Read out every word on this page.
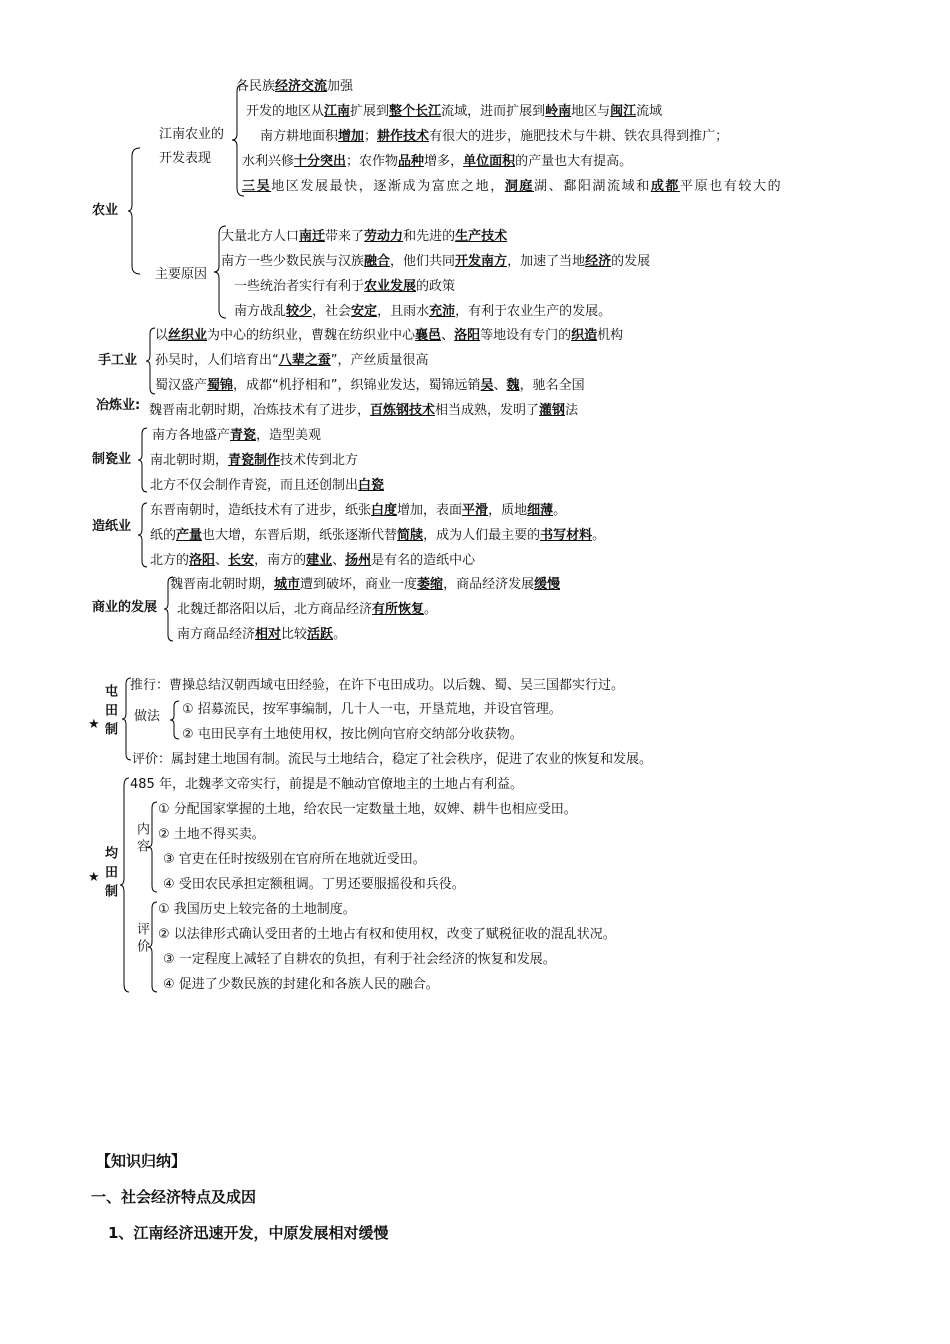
农业
江南农业的
开发表现
各民族经济交流加强
开发的地区从江南扩展到整个长江流域，进而扩展到岭南地区与闽江流域
南方耕地面积增加；耕作技术有很大的进步，施肥技术与牛耕、铁农具得到推广；
水利兴修十分突出；农作物品种增多，单位面积的产量也大有提高。
三吴地区发展最快，逐渐成为富庶之地，洞庭湖、鄱阳湖流域和成都平原也有较大的
主要原因
大量北方人口南迁带来了劳动力和先进的生产技术
南方一些少数民族与汉族融合，他们共同开发南方，加速了当地经济的发展
一些统治者实行有利于农业发展的政策
南方战乱较少，社会安定，且雨水充沛，有利于农业生产的发展。
手工业
以丝织业为中心的纺织业，曹魏在纺织业中心襄邑、洛阳等地设有专门的织造机构
孙吴时，人们培育出“八辈之蚕”，产丝质量很高
蜀汉盛产蜀锦，成都“机抒相和”，织锦业发达，蜀锦远销吴、魏，驰名全国
冶炼业: 魏晋南北朝时期，冶炼技术有了进步，百炼钢技术相当成熟，发明了灌钢法
制瓷业
南方各地盛产青瓷，造型美观
南北朝时期，青瓷制作技术传到北方
北方不仅会制作青瓷，而且还创制出白瓷
造纸业
东晋南朝时，造纸技术有了进步，纸张白度增加，表面平滑，质地细薄。
纸的产量也大增，东晋后期，纸张逐渐代替简牍，成为人们最主要的书写材料。
北方的洛阳、长安，南方的建业、扬州是有名的造纸中心
商业的发展
魏晋南北朝时期，城市遭到破坏，商业一度萎缩，商品经济发展缓慢
北魏迁都洛阳以后，北方商品经济有所恢复。
南方商品经济相对比较活跃。
屯田制
★
推行：曹操总结汉朝西域屯田经验，在许下屯田成功。以后魏、蜀、吴三国都实行过。
做法 ① 招募流民，按军事编制，几十人一屯，开垦荒地，并设官管理。
② 屯田民享有土地使用权，按比例向官府交纳部分收获物。
评价：属封建土地国有制。流民与土地结合，稳定了社会秩序，促进了农业的恢复和发展。
均田制
★
485 年，北魏孝文帝实行，前提是不触动官僚地主的土地占有利益。
内容
① 分配国家掌握的土地，给农民一定数量土地，奴婢、耕牛也相应受田。
② 土地不得买卖。
③ 官吏在任时按级别在官府所在地就近受田。
④ 受田农民承担定额租调。丁男还要服摇役和兵役。
评价
① 我国历史上较完备的土地制度。
② 以法律形式确认受田者的土地占有权和使用权，改变了赋税征收的混乱状况。
③ 一定程度上减轻了自耕农的负担，有利于社会经济的恢复和发展。
④ 促进了少数民族的封建化和各族人民的融合。
【知识归纳】
一、社会经济特点及成因
1、江南经济迅速开发，中原发展相对缓慢
